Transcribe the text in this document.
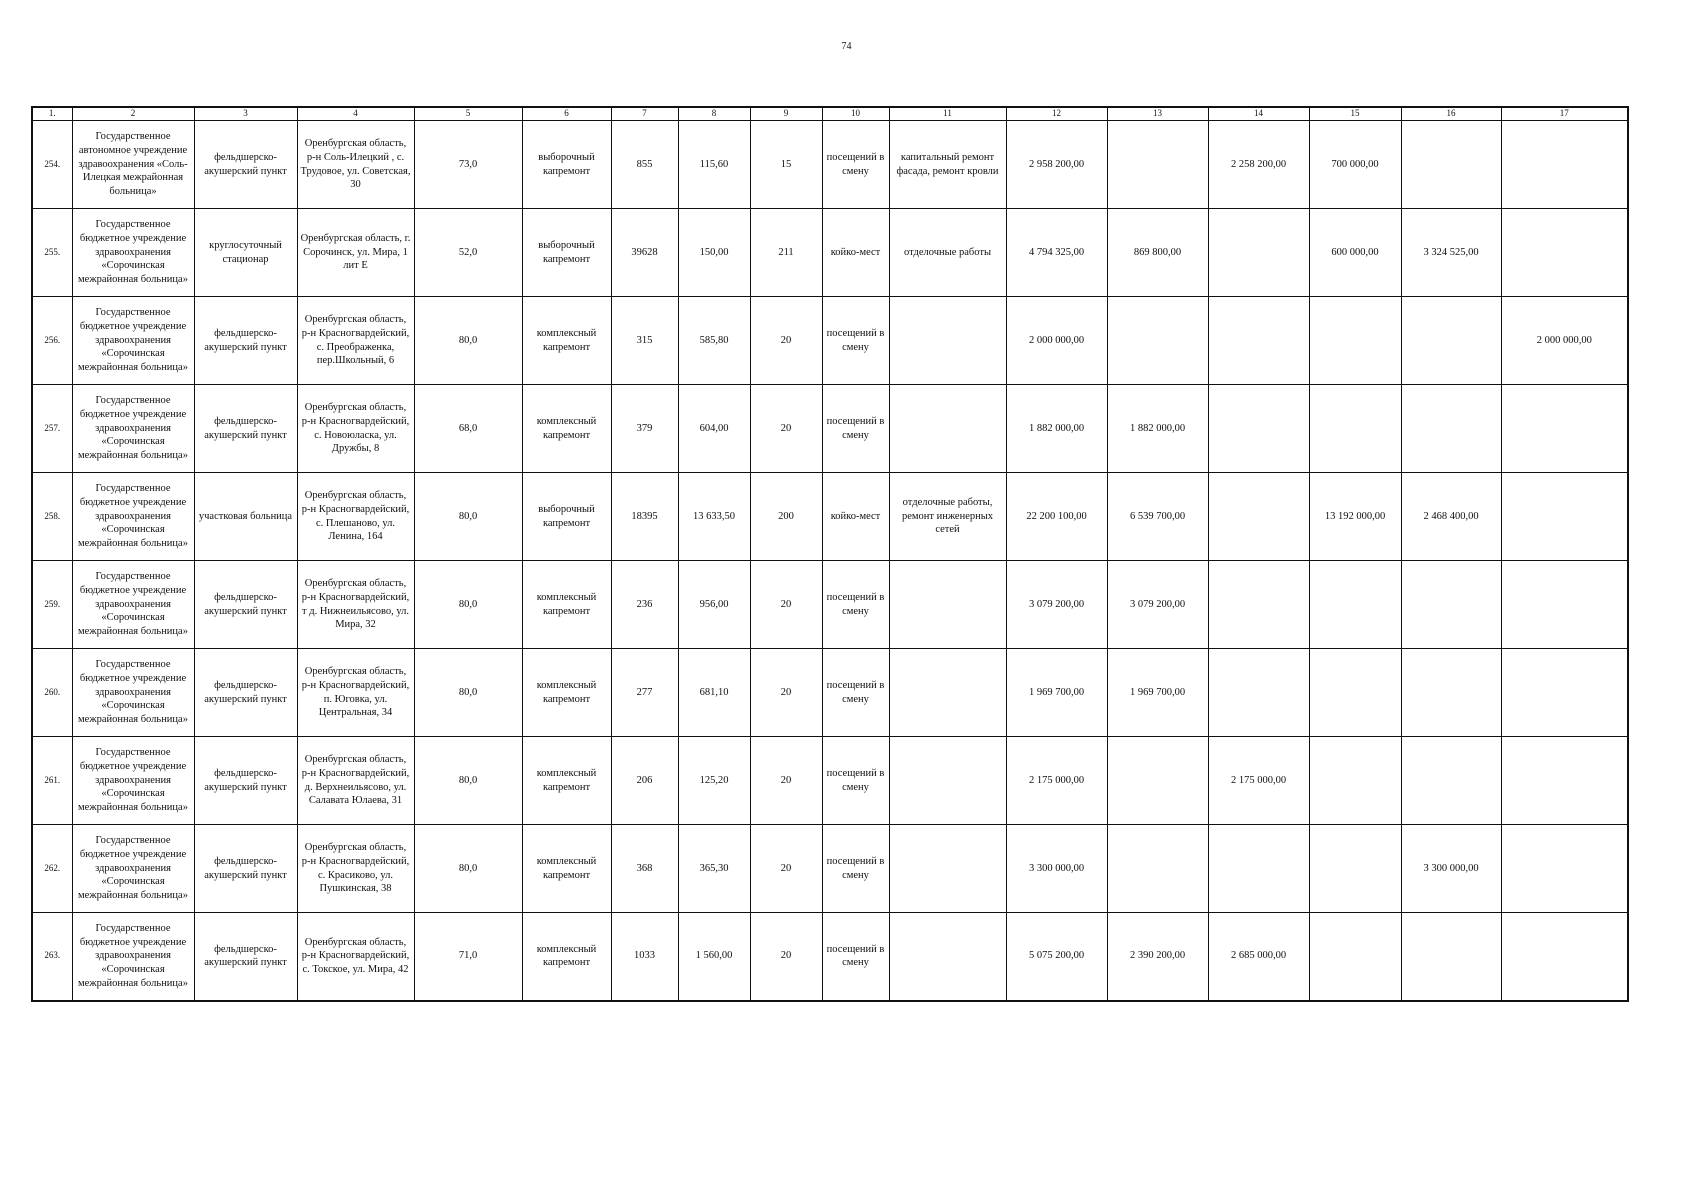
74
1.	2	3	4	5	6	7	8	9	10	11	12	13	14	15	16	17
254.	Государственное автономное учреждение здравоохранения «Соль-Илецкая межрайонная больница»	фельдшерско-акушерский пункт	Оренбургская область, р-н Соль-Илецкий , с. Трудовое, ул. Советская, 30	73,0	выборочный капремонт	855	115,60	15	посещений в смену	капитальный ремонт фасада, ремонт кровли	2 958 200,00		2 258 200,00	700 000,00		
255.	Государственное бюджетное учреждение здравоохранения «Сорочинская межрайонная больница»	круглосуточный стационар	Оренбургская область, г. Сорочинск, ул. Мира, 1 лит Е	52,0	выборочный капремонт	39628	150,00	211	койко-мест	отделочные работы	4 794 325,00	869 800,00		600 000,00	3 324 525,00	
256.	Государственное бюджетное учреждение здравоохранения «Сорочинская межрайонная больница»	фельдшерско-акушерский пункт	Оренбургская область, р-н Красногвардейский, с. Преображенка, пер.Школьный, 6	80,0	комплексный капремонт	315	585,80	20	посещений в смену		2 000 000,00					2 000 000,00
257.	Государственное бюджетное учреждение здравоохранения «Сорочинская межрайонная больница»	фельдшерско-акушерский пункт	Оренбургская область, р-н Красногвардейский, с. Новоюласка, ул. Дружбы, 8	68,0	комплексный капремонт	379	604,00	20	посещений в смену		1 882 000,00	1 882 000,00				
258.	Государственное бюджетное учреждение здравоохранения «Сорочинская межрайонная больница»	участковая больница	Оренбургская область, р-н Красногвардейский, с. Плешаново, ул. Ленина, 164	80,0	выборочный капремонт	18395	13 633,50	200	койко-мест	отделочные работы, ремонт инженерных сетей	22 200 100,00	6 539 700,00		13 192 000,00	2 468 400,00	
259.	Государственное бюджетное учреждение здравоохранения «Сорочинская межрайонная больница»	фельдшерско-акушерский пункт	Оренбургская область, р-н Красногвардейский, т д. Нижнеильясово, ул. Мира, 32	80,0	комплексный капремонт	236	956,00	20	посещений в смену		3 079 200,00	3 079 200,00				
260.	Государственное бюджетное учреждение здравоохранения «Сорочинская межрайонная больница»	фельдшерско-акушерский пункт	Оренбургская область, р-н Красногвардейский, п. Юговка, ул. Центральная, 34	80,0	комплексный капремонт	277	681,10	20	посещений в смену		1 969 700,00	1 969 700,00				
261.	Государственное бюджетное учреждение здравоохранения «Сорочинская межрайонная больница»	фельдшерско-акушерский пункт	Оренбургская область, р-н Красногвардейский, д. Верхнеильясово, ул. Салавата Юлаева, 31	80,0	комплексный капремонт	206	125,20	20	посещений в смену		2 175 000,00		2 175 000,00			
262.	Государственное бюджетное учреждение здравоохранения «Сорочинская межрайонная больница»	фельдшерско-акушерский пункт	Оренбургская область, р-н Красногвардейский, с. Красиково, ул. Пушкинская, 38	80,0	комплексный капремонт	368	365,30	20	посещений в смену		3 300 000,00				3 300 000,00	
263.	Государственное бюджетное учреждение здравоохранения «Сорочинская межрайонная больница»	фельдшерско-акушерский пункт	Оренбургская область, р-н Красногвардейский, с. Токское, ул. Мира, 42	71,0	комплексный капремонт	1033	1 560,00	20	посещений в смену		5 075 200,00	2 390 200,00	2 685 000,00			
